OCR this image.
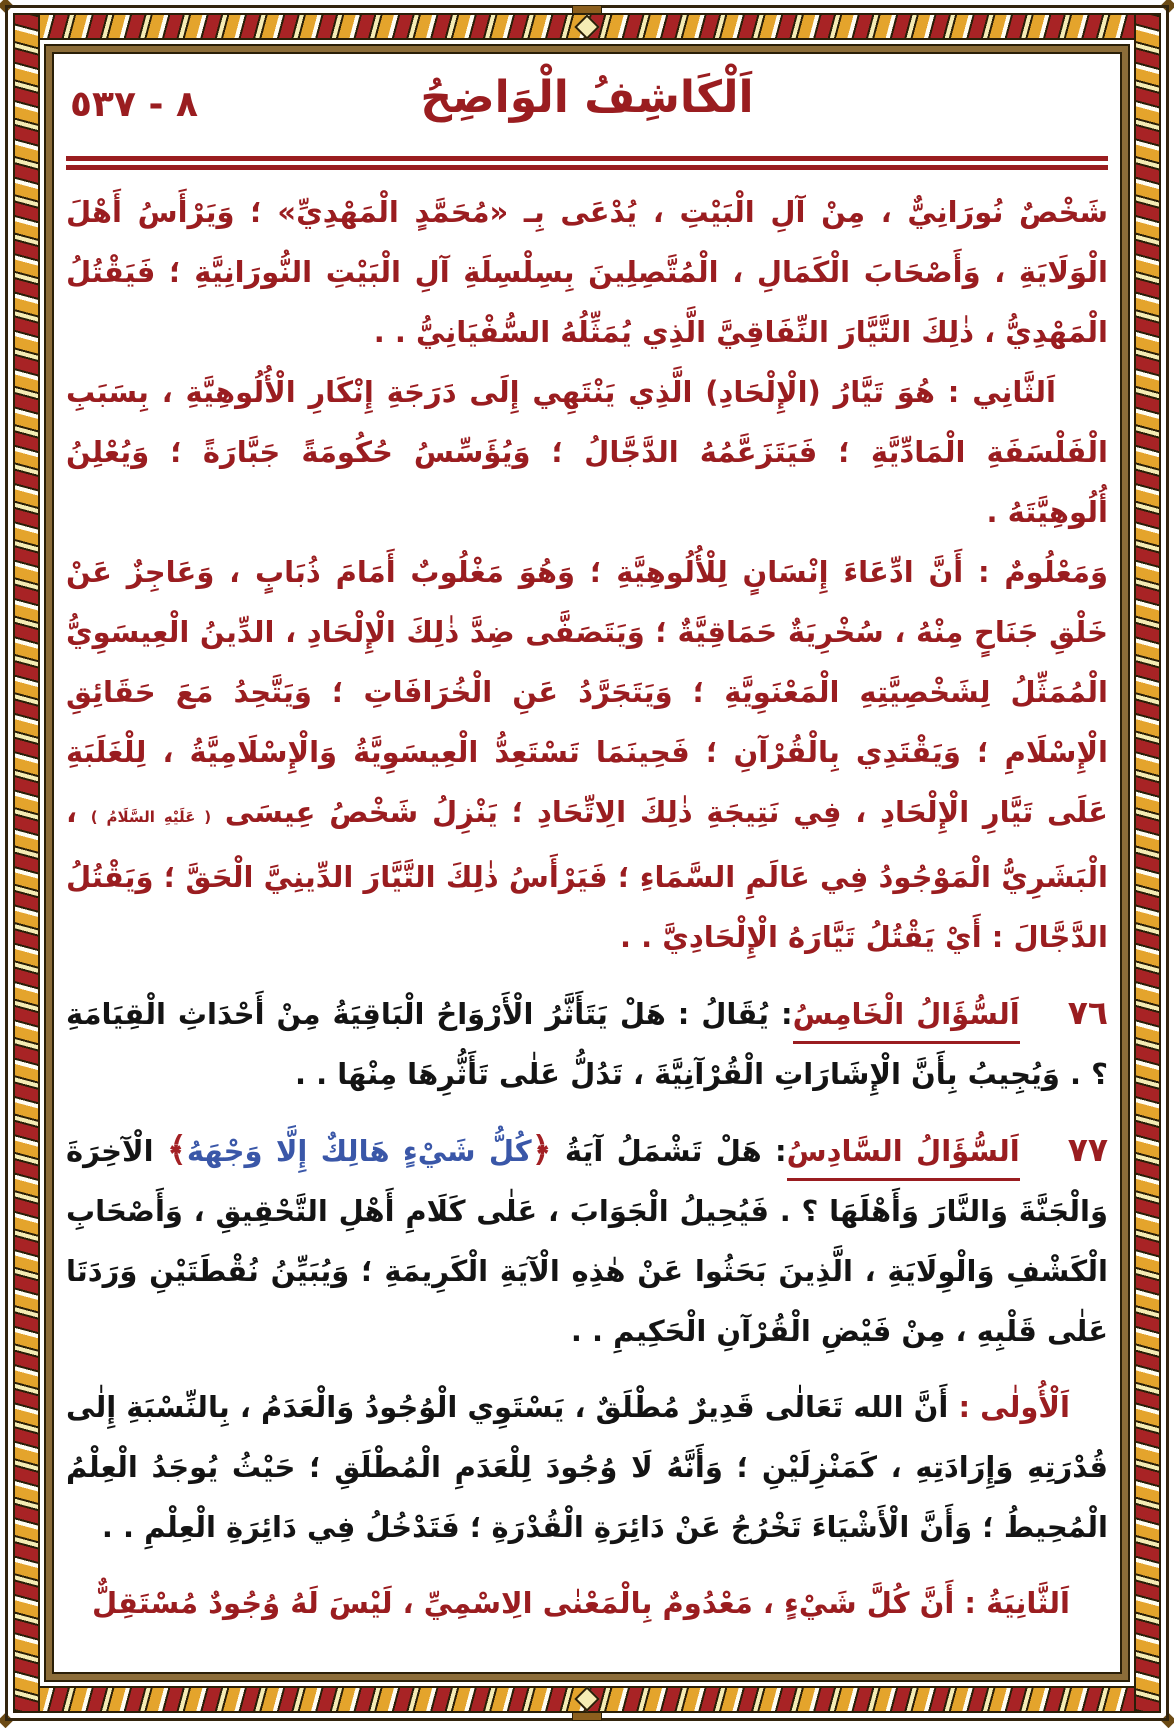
٨ - ٥٣٧	اَلْكَاشِفُ الْوَاضِحُ

شَخْصٌ نُورَانِيٌّ ، مِنْ آلِ الْبَيْتِ ، يُدْعَى بِـ «مُحَمَّدٍ الْمَهْدِيِّ» ؛ وَيَرْأَسُ أَهْلَ الْوَلَايَةِ ، وَأَصْحَابَ الْكَمَالِ ، الْمُتَّصِلِينَ بِسِلْسِلَةِ آلِ الْبَيْتِ النُّورَانِيَّةِ ؛ فَيَقْتُلُ الْمَهْدِيُّ ، ذٰلِكَ التَّيَّارَ النِّفَاقِيَّ الَّذِي يُمَثِّلُهُ السُّفْيَانِيُّ . .

اَلثَّانِي : هُوَ تَيَّارُ (الْإِلْحَادِ) الَّذِي يَنْتَهِي إِلَى دَرَجَةِ إِنْكَارِ الْأُلُوهِيَّةِ ، بِسَبَبِ الْفَلْسَفَةِ الْمَادِّيَّةِ ؛ فَيَتَزَعَّمُهُ الدَّجَّالُ ؛ وَيُؤَسِّسُ حُكُومَةً جَبَّارَةً ؛ وَيُعْلِنُ أُلُوهِيَّتَهُ .

وَمَعْلُومٌ : أَنَّ ادِّعَاءَ إِنْسَانٍ لِلْأُلُوهِيَّةِ ؛ وَهُوَ مَغْلُوبٌ أَمَامَ ذُبَابٍ ، وَعَاجِزٌ عَنْ خَلْقِ جَنَاحٍ مِنْهُ ، سُخْرِيَةٌ حَمَاقِيَّةٌ ؛ وَيَتَصَفَّى ضِدَّ ذٰلِكَ الْإِلْحَادِ ، الدِّينُ الْعِيسَوِيُّ الْمُمَثِّلُ لِشَخْصِيَّتِهِ الْمَعْنَوِيَّةِ ؛ وَيَتَجَرَّدُ عَنِ الْخُرَافَاتِ ؛ وَيَتَّحِدُ مَعَ حَقَائِقِ الْإِسْلَامِ ؛ وَيَقْتَدِي بِالْقُرْآنِ ؛ فَحِينَمَا تَسْتَعِدُّ الْعِيسَوِيَّةُ وَالْإِسْلَامِيَّةُ ، لِلْغَلَبَةِ عَلَى تَيَّارِ الْإِلْحَادِ ، فِي نَتِيجَةِ ذٰلِكَ الِاتِّحَادِ ؛ يَنْزِلُ شَخْصُ عِيسَى ( عَلَيْهِ السَّلَامُ ) ، الْبَشَرِيُّ الْمَوْجُودُ فِي عَالَمِ السَّمَاءِ ؛ فَيَرْأَسُ ذٰلِكَ التَّيَّارَ الدِّينِيَّ الْحَقَّ ؛ وَيَقْتُلُ الدَّجَّالَ : أَيْ يَقْتُلُ تَيَّارَهُ الْإِلْحَادِيَّ . .

٧٦اَلسُّؤَالُ الْخَامِسُ: يُقَالُ : هَلْ يَتَأَثَّرُ الْأَرْوَاحُ الْبَاقِيَةُ مِنْ أَحْدَاثِ الْقِيَامَةِ ؟ . وَيُجِيبُ بِأَنَّ الْإِشَارَاتِ الْقُرْآنِيَّةَ ، تَدُلُّ عَلٰى تَأَثُّرِهَا مِنْهَا . .

٧٧اَلسُّؤَالُ السَّادِسُ: هَلْ تَشْمَلُ آيَةُ ﴿كُلُّ شَيْءٍ هَالِكٌ إِلَّا وَجْهَهُ﴾ الْآخِرَةَ وَالْجَنَّةَ وَالنَّارَ وَأَهْلَهَا ؟ . فَيُحِيلُ الْجَوَابَ ، عَلٰى كَلَامِ أَهْلِ التَّحْقِيقِ ، وَأَصْحَابِ الْكَشْفِ وَالْوِلَايَةِ ، الَّذِينَ بَحَثُوا عَنْ هٰذِهِ الْآيَةِ الْكَرِيمَةِ ؛ وَيُبَيِّنُ نُقْطَتَيْنِ وَرَدَتَا عَلٰى قَلْبِهِ ، مِنْ فَيْضِ الْقُرْآنِ الْحَكِيمِ . .

اَلْأُولٰى : أَنَّ الله تَعَالٰى قَدِيرٌ مُطْلَقٌ ، يَسْتَوِي الْوُجُودُ وَالْعَدَمُ ، بِالنِّسْبَةِ إِلٰى قُدْرَتِهِ وَإِرَادَتِهِ ، كَمَنْزِلَيْنِ ؛ وَأَنَّهُ لَا وُجُودَ لِلْعَدَمِ الْمُطْلَقِ ؛ حَيْثُ يُوجَدُ الْعِلْمُ الْمُحِيطُ ؛ وَأَنَّ الْأَشْيَاءَ تَخْرُجُ عَنْ دَائِرَةِ الْقُدْرَةِ ؛ فَتَدْخُلُ فِي دَائِرَةِ الْعِلْمِ . .

اَلثَّانِيَةُ : أَنَّ كُلَّ شَيْءٍ ، مَعْدُومٌ بِالْمَعْنٰى الِاسْمِيِّ ، لَيْسَ لَهُ وُجُودٌ مُسْتَقِلٌّ
